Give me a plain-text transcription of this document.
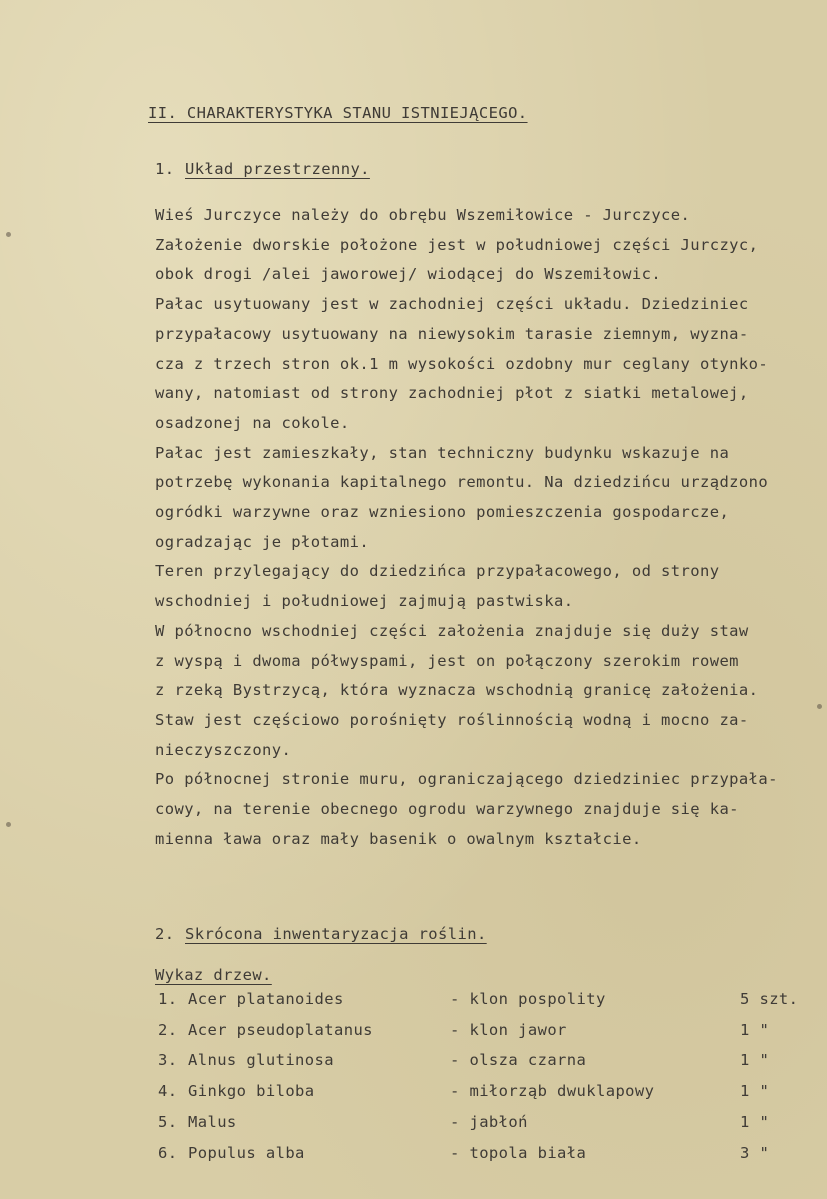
II. CHARAKTERYSTYKA STANU ISTNIEJĄCEGO.
1. Układ przestrzenny.
Wieś Jurczyce należy do obrębu Wszemiłowice - Jurczyce.
Założenie dworskie położone jest w południowej części Jurczyc,
obok drogi /alei jaworowej/ wiodącej do Wszemiłowic.
Pałac usytuowany jest w zachodniej części układu. Dziedziniec
przypałacowy usytuowany na niewysokim tarasie ziemnym, wyzna-
cza z trzech stron ok.1 m wysokości ozdobny mur ceglany otynko-
wany, natomiast od strony zachodniej płot z siatki metalowej,
osadzonej na cokole.
Pałac jest zamieszkały, stan techniczny budynku wskazuje na
potrzebę wykonania kapitalnego remontu. Na dziedzińcu urządzono
ogródki warzywne oraz wzniesiono pomieszczenia gospodarcze,
ogradzając je płotami.
Teren przylegający do dziedzińca przypałacowego, od strony
wschodniej i południowej zajmują pastwiska.
W północno wschodniej części założenia znajduje się duży staw
z wyspą i dwoma półwyspami, jest on połączony szerokim rowem
z rzeką Bystrzycą, która wyznacza wschodnią granicę założenia.
Staw jest częściowo porośnięty roślinnością wodną i mocno za-
nieczyszczony.
Po północnej stronie muru, ograniczającego dziedziniec przypała-
cowy, na terenie obecnego ogrodu warzywnego znajduje się ka-
mienna ława oraz mały basenik o owalnym kształcie.
2. Skrócona inwentaryzacja roślin.
Wykaz drzew.
1. Acer platanoides	- klon pospolity	5 szt.
2. Acer pseudoplatanus	- klon jawor	1 "
3. Alnus glutinosa	- olsza czarna	1 "
4. Ginkgo biloba	- miłorząb dwuklapowy	1 "
5. Malus	- jabłoń	1 "
6. Populus alba	- topola biała	3 "
